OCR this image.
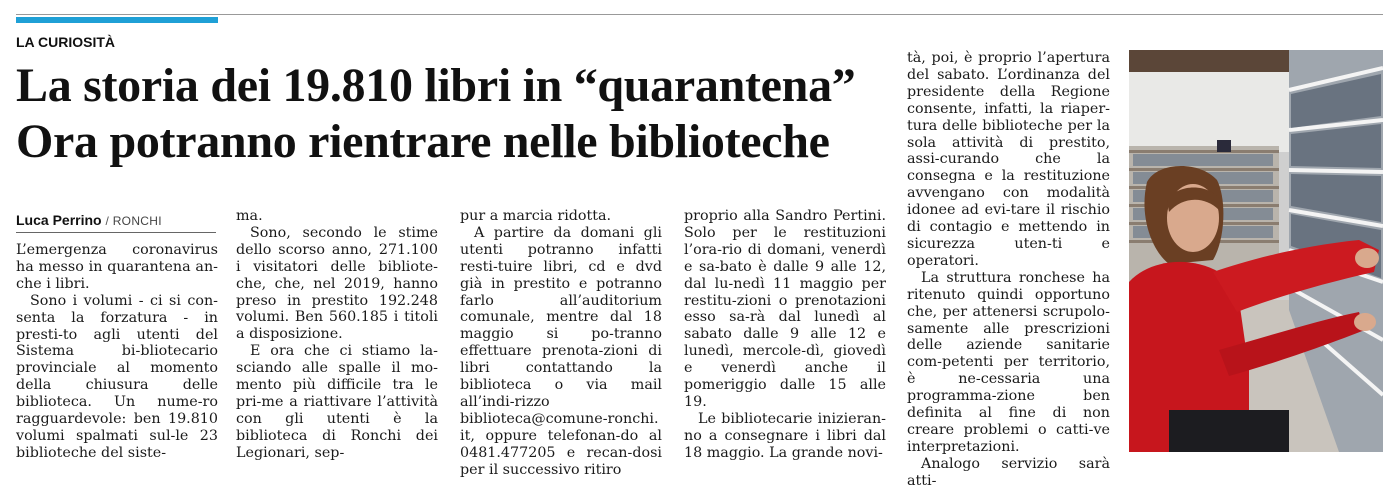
LA CURIOSITÀ
La storia dei 19.810 libri in “quarantena”
Ora potranno rientrare nelle biblioteche
Luca Perrino / RONCHI

L’emergenza coronavirus ha messo in quarantena an-che i libri.

Sono i volumi - ci si con-senta la forzatura - in presti-to agli utenti del Sistema bi-bliotecario provinciale al momento della chiusura delle biblioteca. Un nume-ro ragguardevole: ben 19.810 volumi spalmati sul-le 23 biblioteche del siste-

ma.

Sono, secondo le stime dello scorso anno, 271.100 i visitatori delle bibliote-che, che, nel 2019, hanno preso in prestito 192.248 volumi. Ben 560.185 i titoli a disposizione.

E ora che ci stiamo la-sciando alle spalle il mo-mento più difficile tra le pri-me a riattivare l’attività con gli utenti è la biblioteca di Ronchi dei Legionari, sep-

pur a marcia ridotta.

A partire da domani gli utenti potranno infatti resti-tuire libri, cd e dvd già in prestito e potranno farlo all’auditorium comunale, mentre dal 18 maggio si po-tranno effettuare prenota-zioni di libri contattando la biblioteca o via mail all’indi-rizzo biblioteca@comune-ronchi. it, oppure telefonan-do al 0481.477205 e recan-dosi per il successivo ritiro

proprio alla Sandro Pertini. Solo per le restituzioni l’ora-rio di domani, venerdì e sa-bato è dalle 9 alle 12, dal lu-nedì 11 maggio per restitu-zioni o prenotazioni esso sa-rà dal lunedì al sabato dalle 9 alle 12 e lunedì, mercole-dì, giovedì e venerdì anche il pomeriggio dalle 15 alle 19.

Le bibliotecarie inizieran-no a consegnare i libri dal 18 maggio. La grande novi-

tà, poi, è proprio l’apertura del sabato. L’ordinanza del presidente della Regione consente, infatti, la riaper-tura delle biblioteche per la sola attività di prestito, assi-curando che la consegna e la restituzione avvengano con modalità idonee ad evi-tare il rischio di contagio e mettendo in sicurezza uten-ti e operatori.

La struttura ronchese ha ritenuto quindi opportuno che, per attenersi scrupolo-samente alle prescrizioni delle aziende sanitarie com-petenti per territorio, è ne-cessaria una programma-zione ben definita al fine di non creare problemi o catti-ve interpretazioni.

Analogo servizio sarà atti-
